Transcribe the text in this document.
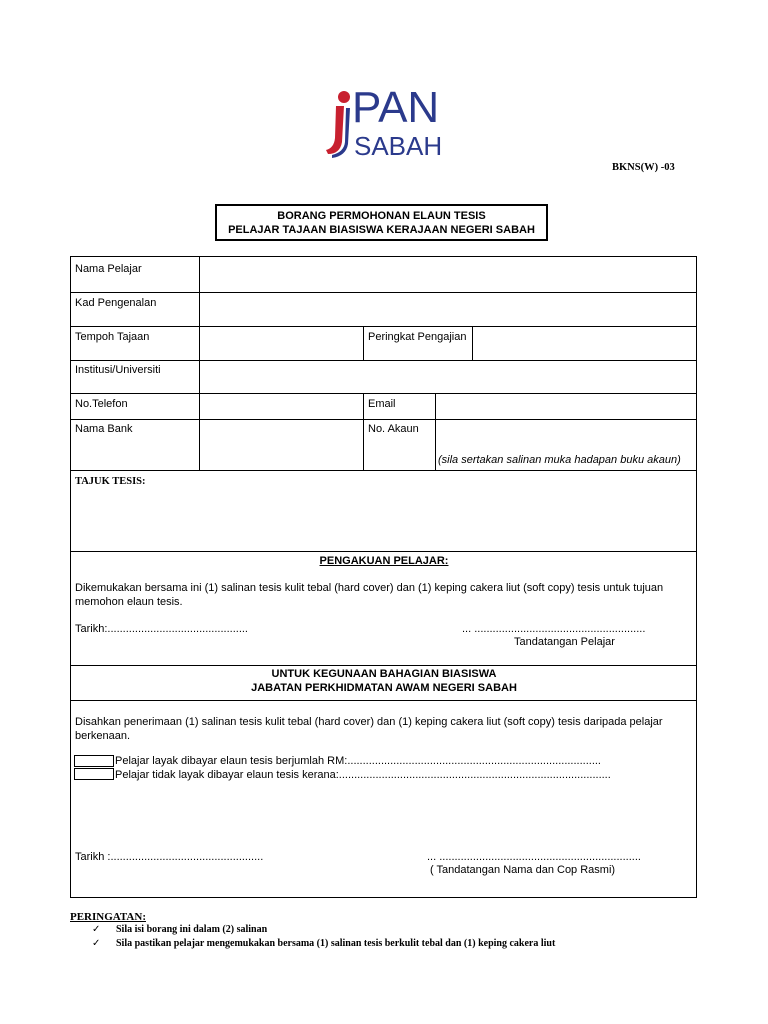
PAN
SABAH
BKNS(W) -03
BORANG PERMOHONAN ELAUN TESIS
PELAJAR TAJAAN BIASISWA KERAJAAN NEGERI SABAH
Nama Pelajar
Kad Pengenalan
Tempoh Tajaan	Peringkat Pengajian
Institusi/Universiti
No.Telefon	Email
Nama Bank	No. Akaun
(sila sertakan salinan muka hadapan buku akaun)
TAJUK TESIS:
PENGAKUAN PELAJAR:
Dikemukakan bersama ini (1) salinan tesis kulit tebal (hard cover) dan (1) keping cakera liut (soft copy) tesis untuk tujuan
memohon elaun tesis.
Tarikh:..............................................	... ........................................................
Tandatangan Pelajar
UNTUK KEGUNAAN BAHAGIAN BIASISWA
JABATAN PERKHIDMATAN AWAM NEGERI SABAH
Disahkan penerimaan (1) salinan tesis kulit tebal (hard cover) dan (1) keping cakera liut (soft copy) tesis daripada pelajar
berkenaan.
Pelajar layak dibayar elaun tesis berjumlah RM:...................................................................................
Pelajar tidak layak dibayar elaun tesis kerana:.........................................................................................
Tarikh :..................................................	... ..................................................................
( Tandatangan Nama dan Cop Rasmi)
PERINGATAN:
✓ Sila isi borang ini dalam (2) salinan
✓ Sila pastikan pelajar mengemukakan bersama (1) salinan tesis berkulit tebal dan (1) keping cakera liut
